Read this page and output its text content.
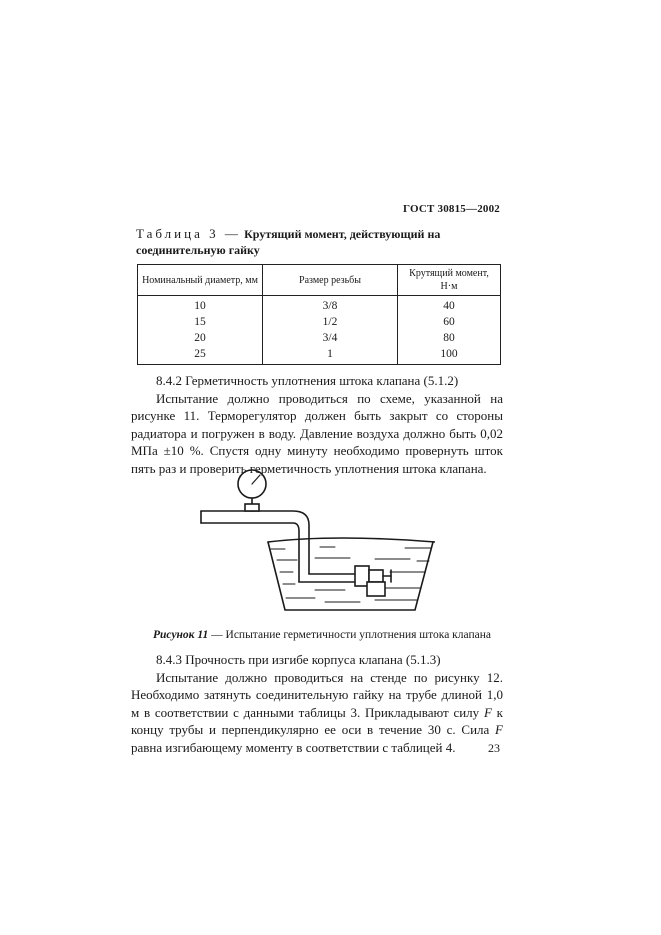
ГОСТ 30815—2002
Таблица 3 — Крутящий момент, действующий на соединительную гайку
Номинальный диаметр, мм	Размер резьбы	Крутящий момент, Н·м
10	3/8	40
15	1/2	60
20	3/4	80
25	1	100

8.4.2 Герметичность уплотнения штока клапана (5.1.2)

Испытание должно проводиться по схеме, указанной на рисунке 11. Терморегулятор должен быть закрыт со стороны радиатора и погружен в воду. Давление воздуха должно быть 0,02 МПа ±10 %. Спустя одну минуту необходимо провернуть шток пять раз и проверить герметичность уплотнения штока клапана.

Рисунок 11 — Испытание герметичности уплотнения штока клапана

8.4.3 Прочность при изгибе корпуса клапана (5.1.3)

Испытание должно проводиться на стенде по рисунку 12. Необходимо затянуть соединительную гайку на трубе длиной 1,0 м в соответствии с данными таблицы 3. Прикладывают силу F к концу трубы и перпендикулярно ее оси в течение 30 с. Сила F равна изгибающему моменту в соответствии с таблицей 4.	23
